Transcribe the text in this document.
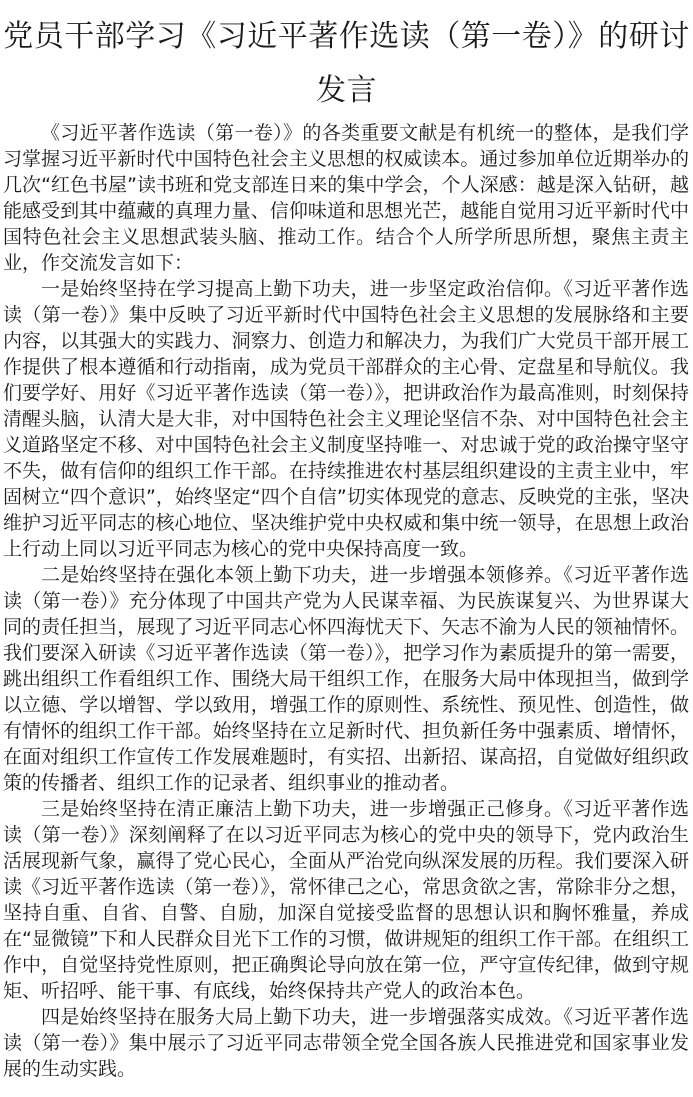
党员干部学习《习近平著作选读（第一卷）》的研讨发言

《习近平著作选读（第一卷）》的各类重要文献是有机统一的整体，是我们学习掌握习近平新时代中国特色社会主义思想的权威读本。通过参加单位近期举办的几次“红色书屋”读书班和党支部连日来的集中学会，个人深感：越是深入钻研，越能感受到其中蕴藏的真理力量、信仰味道和思想光芒，越能自觉用习近平新时代中国特色社会主义思想武装头脑、推动工作。结合个人所学所思所想，聚焦主责主业，作交流发言如下：

一是始终坚持在学习提高上勤下功夫，进一步坚定政治信仰。《习近平著作选读（第一卷）》集中反映了习近平新时代中国特色社会主义思想的发展脉络和主要内容，以其强大的实践力、洞察力、创造力和解决力，为我们广大党员干部开展工作提供了根本遵循和行动指南，成为党员干部群众的主心骨、定盘星和导航仪。我们要学好、用好《习近平著作选读（第一卷）》，把讲政治作为最高准则，时刻保持清醒头脑，认清大是大非，对中国特色社会主义理论坚信不杂、对中国特色社会主义道路坚定不移、对中国特色社会主义制度坚持唯一、对忠诚于党的政治操守坚守不失，做有信仰的组织工作干部。在持续推进农村基层组织建设的主责主业中，牢固树立“四个意识”，始终坚定“四个自信”切实体现党的意志、反映党的主张，坚决维护习近平同志的核心地位、坚决维护党中央权威和集中统一领导，在思想上政治上行动上同以习近平同志为核心的党中央保持高度一致。

二是始终坚持在强化本领上勤下功夫，进一步增强本领修养。《习近平著作选读（第一卷）》充分体现了中国共产党为人民谋幸福、为民族谋复兴、为世界谋大同的责任担当，展现了习近平同志心怀四海忧天下、矢志不渝为人民的领袖情怀。我们要深入研读《习近平著作选读（第一卷）》，把学习作为素质提升的第一需要，跳出组织工作看组织工作、围绕大局干组织工作，在服务大局中体现担当，做到学以立德、学以增智、学以致用，增强工作的原则性、系统性、预见性、创造性，做有情怀的组织工作干部。始终坚持在立足新时代、担负新任务中强素质、增情怀，在面对组织工作宣传工作发展难题时，有实招、出新招、谋高招，自觉做好组织政策的传播者、组织工作的记录者、组织事业的推动者。

三是始终坚持在清正廉洁上勤下功夫，进一步增强正己修身。《习近平著作选读（第一卷）》深刻阐释了在以习近平同志为核心的党中央的领导下，党内政治生活展现新气象，赢得了党心民心，全面从严治党向纵深发展的历程。我们要深入研读《习近平著作选读（第一卷）》，常怀律己之心，常思贪欲之害，常除非分之想，坚持自重、自省、自警、自励，加深自觉接受监督的思想认识和胸怀雅量，养成在“显微镜”下和人民群众目光下工作的习惯，做讲规矩的组织工作干部。在组织工作中，自觉坚持党性原则，把正确舆论导向放在第一位，严守宣传纪律，做到守规矩、听招呼、能干事、有底线，始终保持共产党人的政治本色。

四是始终坚持在服务大局上勤下功夫，进一步增强落实成效。《习近平著作选读（第一卷）》集中展示了习近平同志带领全党全国各族人民推进党和国家事业发展的生动实践。
